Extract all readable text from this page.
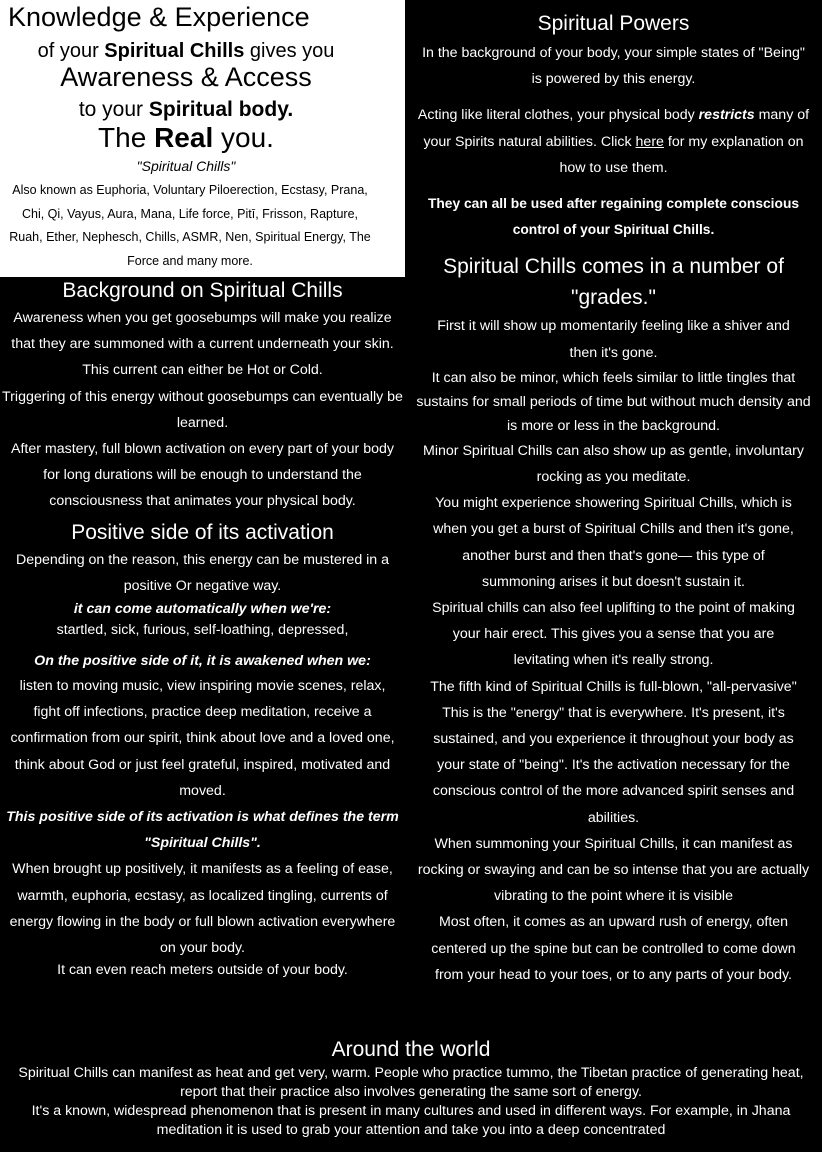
Knowledge & Experience
of your Spiritual Chills gives you
Awareness & Access
to your Spiritual body.
The Real you.
"Spiritual Chills"
Also known as Euphoria, Voluntary Piloerection, Ecstasy, Prana, Chi, Qi, Vayus, Aura, Mana, Life force, Pitī, Frisson, Rapture, Ruah, Ether, Nephesch, Chills, ASMR, Nen, Spiritual Energy, The Force and many more.
Background on Spiritual Chills
Awareness when you get goosebumps will make you realize that they are summoned with a current underneath your skin. This current can either be Hot or Cold.
Triggering of this energy without goosebumps can eventually be learned.
After mastery, full blown activation on every part of your body for long durations will be enough to understand the consciousness that animates your physical body.
Positive side of its activation
Depending on the reason, this energy can be mustered in a positive Or negative way.
it can come automatically when we're:
startled, sick, furious, self-loathing, depressed,
On the positive side of it, it is awakened when we:
listen to moving music, view inspiring movie scenes, relax, fight off infections, practice deep meditation, receive a confirmation from our spirit, think about love and a loved one, think about God or just feel grateful, inspired, motivated and moved.
This positive side of its activation is what defines the term "Spiritual Chills".
When brought up positively, it manifests as a feeling of ease, warmth, euphoria, ecstasy, as localized tingling, currents of energy flowing in the body or full blown activation everywhere on your body.
It can even reach meters outside of your body.
Spiritual Powers
In the background of your body, your simple states of "Being" is powered by this energy.
Acting like literal clothes, your physical body restricts many of your Spirits natural abilities. Click here for my explanation on how to use them.
They can all be used after regaining complete conscious control of your Spiritual Chills.
Spiritual Chills comes in a number of "grades."
First it will show up momentarily feeling like a shiver and then it's gone.
It can also be minor, which feels similar to little tingles that sustains for small periods of time but without much density and is more or less in the background.
Minor Spiritual Chills can also show up as gentle, involuntary rocking as you meditate.
You might experience showering Spiritual Chills, which is when you get a burst of Spiritual Chills and then it's gone, another burst and then that's gone— this type of summoning arises it but doesn't sustain it.
Spiritual chills can also feel uplifting to the point of making your hair erect. This gives you a sense that you are levitating when it's really strong.
The fifth kind of Spiritual Chills is full-blown, "all-pervasive" This is the "energy" that is everywhere. It's present, it's sustained, and you experience it throughout your body as your state of "being". It's the activation necessary for the conscious control of the more advanced spirit senses and abilities.
When summoning your Spiritual Chills, it can manifest as rocking or swaying and can be so intense that you are actually vibrating to the point where it is visible
Most often, it comes as an upward rush of energy, often centered up the spine but can be controlled to come down from your head to your toes, or to any parts of your body.
Around the world
Spiritual Chills can manifest as heat and get very, warm. People who practice tummo, the Tibetan practice of generating heat, report that their practice also involves generating the same sort of energy.
It's a known, widespread phenomenon that is present in many cultures and used in different ways. For example, in Jhana meditation it is used to grab your attention and take you into a deep concentrated
